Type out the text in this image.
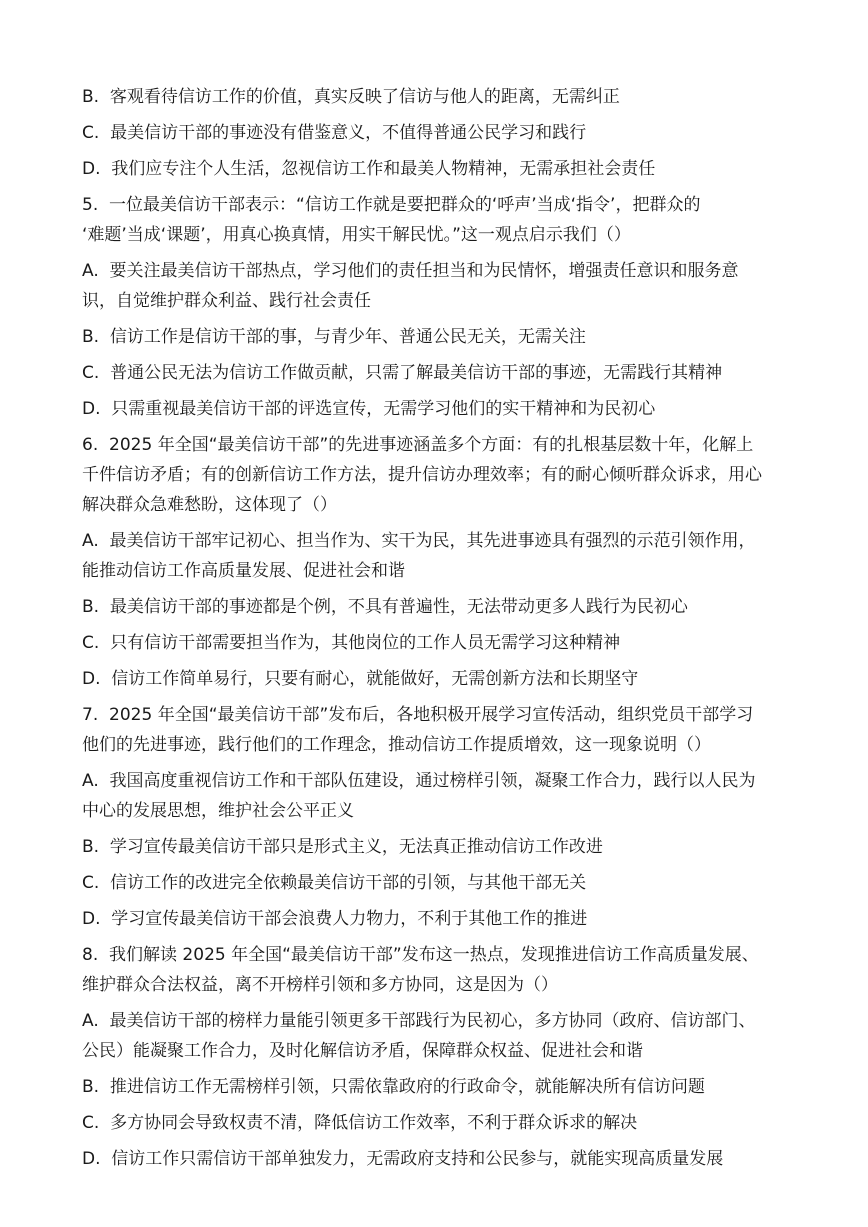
B.  客观看待信访工作的价值，真实反映了信访与他人的距离，无需纠正

C.  最美信访干部的事迹没有借鉴意义，不值得普通公民学习和践行

D.  我们应专注个人生活，忽视信访工作和最美人物精神，无需承担社会责任

5.  一位最美信访干部表示：“信访工作就是要把群众的‘呼声’当成‘指令’，把群众的

‘难题’当成‘课题’，用真心换真情，用实干解民忧。”这一观点启示我们（）

A.  要关注最美信访干部热点，学习他们的责任担当和为民情怀，增强责任意识和服务意

识，自觉维护群众利益、践行社会责任

B.  信访工作是信访干部的事，与青少年、普通公民无关，无需关注

C.  普通公民无法为信访工作做贡献，只需了解最美信访干部的事迹，无需践行其精神

D.  只需重视最美信访干部的评选宣传，无需学习他们的实干精神和为民初心

6.  2025 年全国“最美信访干部”的先进事迹涵盖多个方面：有的扎根基层数十年，化解上

千件信访矛盾；有的创新信访工作方法，提升信访办理效率；有的耐心倾听群众诉求，用心

解决群众急难愁盼，这体现了（）

A.  最美信访干部牢记初心、担当作为、实干为民，其先进事迹具有强烈的示范引领作用，

能推动信访工作高质量发展、促进社会和谐

B.  最美信访干部的事迹都是个例，不具有普遍性，无法带动更多人践行为民初心

C.  只有信访干部需要担当作为，其他岗位的工作人员无需学习这种精神

D.  信访工作简单易行，只要有耐心，就能做好，无需创新方法和长期坚守

7.  2025 年全国“最美信访干部”发布后，各地积极开展学习宣传活动，组织党员干部学习

他们的先进事迹，践行他们的工作理念，推动信访工作提质增效，这一现象说明（）

A.  我国高度重视信访工作和干部队伍建设，通过榜样引领，凝聚工作合力，践行以人民为

中心的发展思想，维护社会公平正义

B.  学习宣传最美信访干部只是形式主义，无法真正推动信访工作改进

C.  信访工作的改进完全依赖最美信访干部的引领，与其他干部无关

D.  学习宣传最美信访干部会浪费人力物力，不利于其他工作的推进

8.  我们解读 2025 年全国“最美信访干部”发布这一热点，发现推进信访工作高质量发展、

维护群众合法权益，离不开榜样引领和多方协同，这是因为（）

A.  最美信访干部的榜样力量能引领更多干部践行为民初心，多方协同（政府、信访部门、

公民）能凝聚工作合力，及时化解信访矛盾，保障群众权益、促进社会和谐

B.  推进信访工作无需榜样引领，只需依靠政府的行政命令，就能解决所有信访问题

C.  多方协同会导致权责不清，降低信访工作效率，不利于群众诉求的解决

D.  信访工作只需信访干部单独发力，无需政府支持和公民参与，就能实现高质量发展
